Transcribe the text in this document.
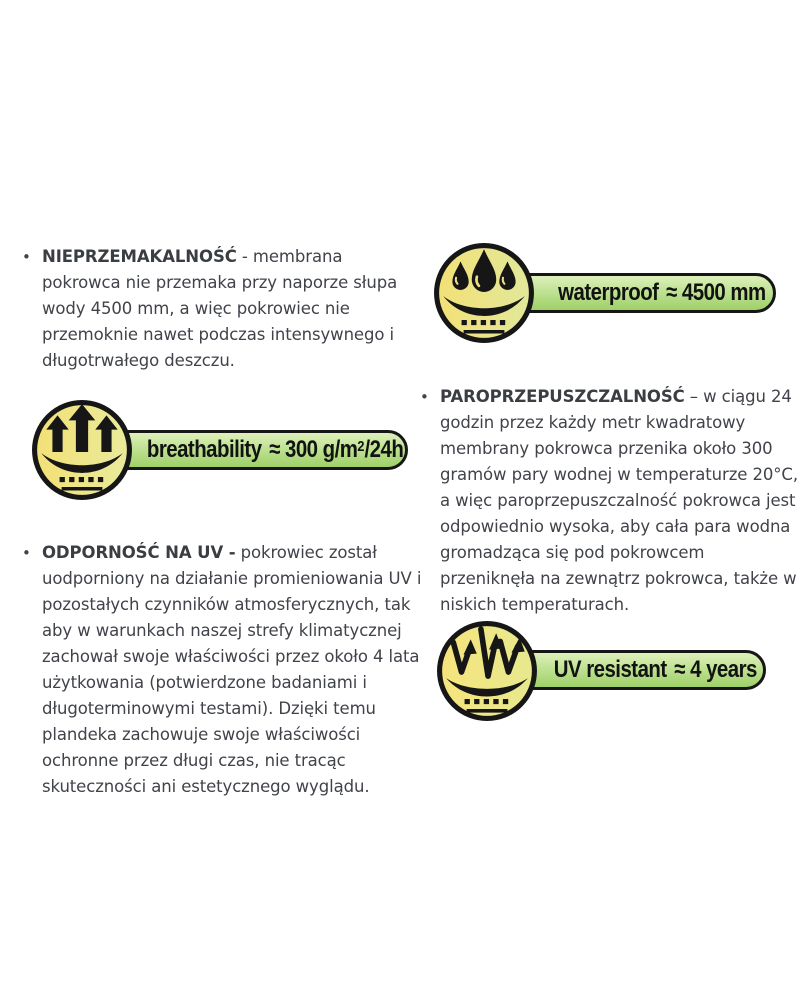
• NIEPRZEMAKALNOŚĆ - membrana pokrowca nie przemaka przy naporze słupa wody 4500 mm, a więc pokrowiec nie przemoknie nawet podczas intensywnego i długotrwałego deszczu.
waterproof ≈ 4500 mm
breathability ≈ 300 g/m 2 /24h
• PAROPRZEPUSZCZALNOŚĆ – w ciągu 24 godzin przez każdy metr kwadratowy membrany pokrowca przenika około 300 gramów pary wodnej w temperaturze 20°C, a więc paroprzepuszczalność pokrowca jest odpowiednio wysoka, aby cała para wodna gromadząca się pod pokrowcem przeniknęła na zewnątrz pokrowca, także w niskich temperaturach.
• ODPORNOŚĆ NA UV - pokrowiec został uodporniony na działanie promieniowania UV i pozostałych czynników atmosferycznych, tak aby w warunkach naszej strefy klimatycznej zachował swoje właściwości przez około 4 lata użytkowania (potwierdzone badaniami i długoterminowymi testami). Dzięki temu plandeka zachowuje swoje właściwości ochronne przez długi czas, nie tracąc skuteczności ani estetycznego wyglądu.
UV resistant ≈ 4 years
